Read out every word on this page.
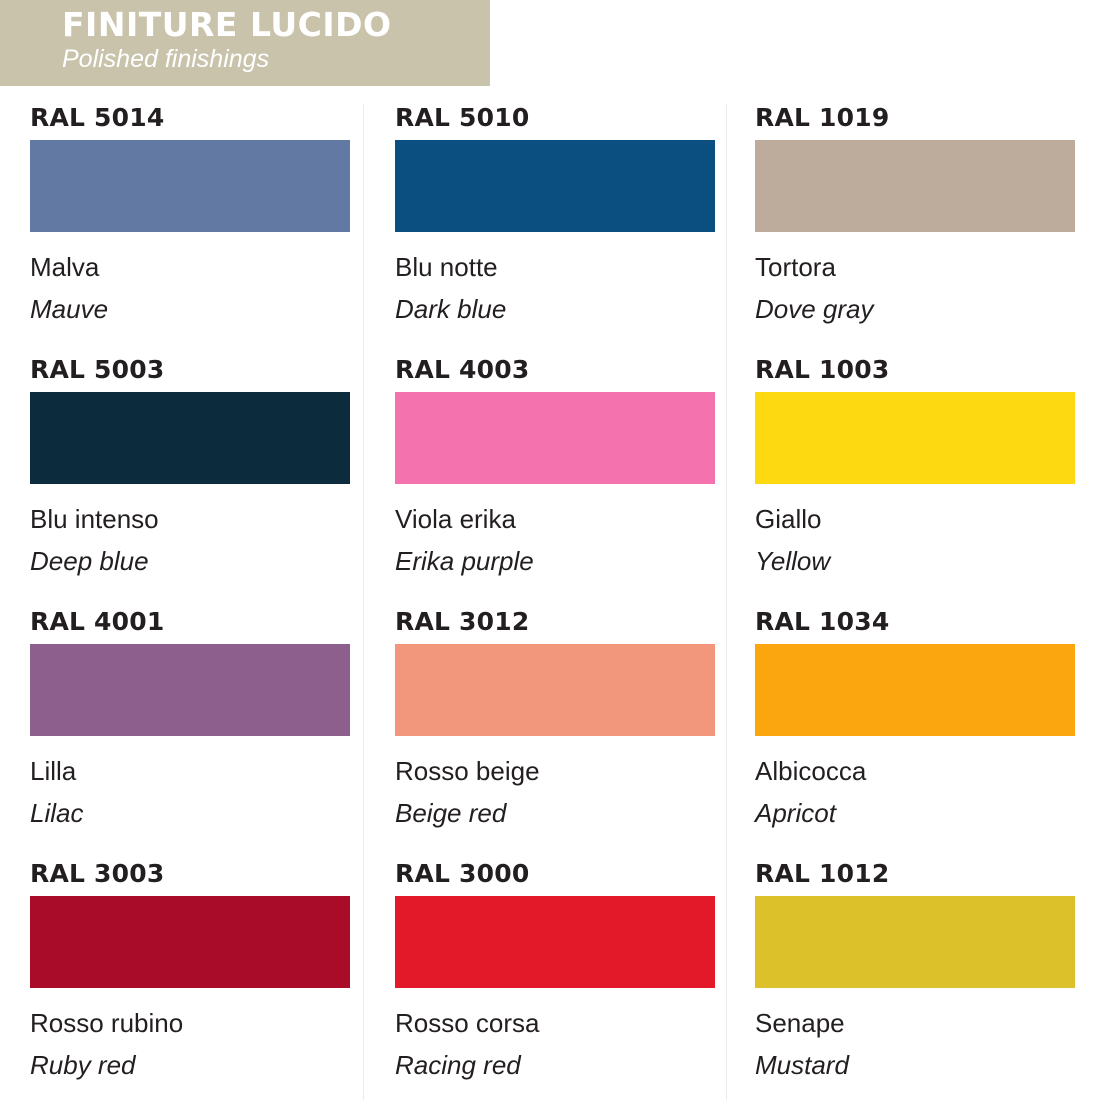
FINITURE LUCIDO
Polished finishings
RAL 5014
Malva
Mauve
RAL 5010
Blu notte
Dark blue
RAL 1019
Tortora
Dove gray
RAL 5003
Blu intenso
Deep blue
RAL 4003
Viola erika
Erika purple
RAL 1003
Giallo
Yellow
RAL 4001
Lilla
Lilac
RAL 3012
Rosso beige
Beige red
RAL 1034
Albicocca
Apricot
RAL 3003
Rosso rubino
Ruby red
RAL 3000
Rosso corsa
Racing red
RAL 1012
Senape
Mustard
